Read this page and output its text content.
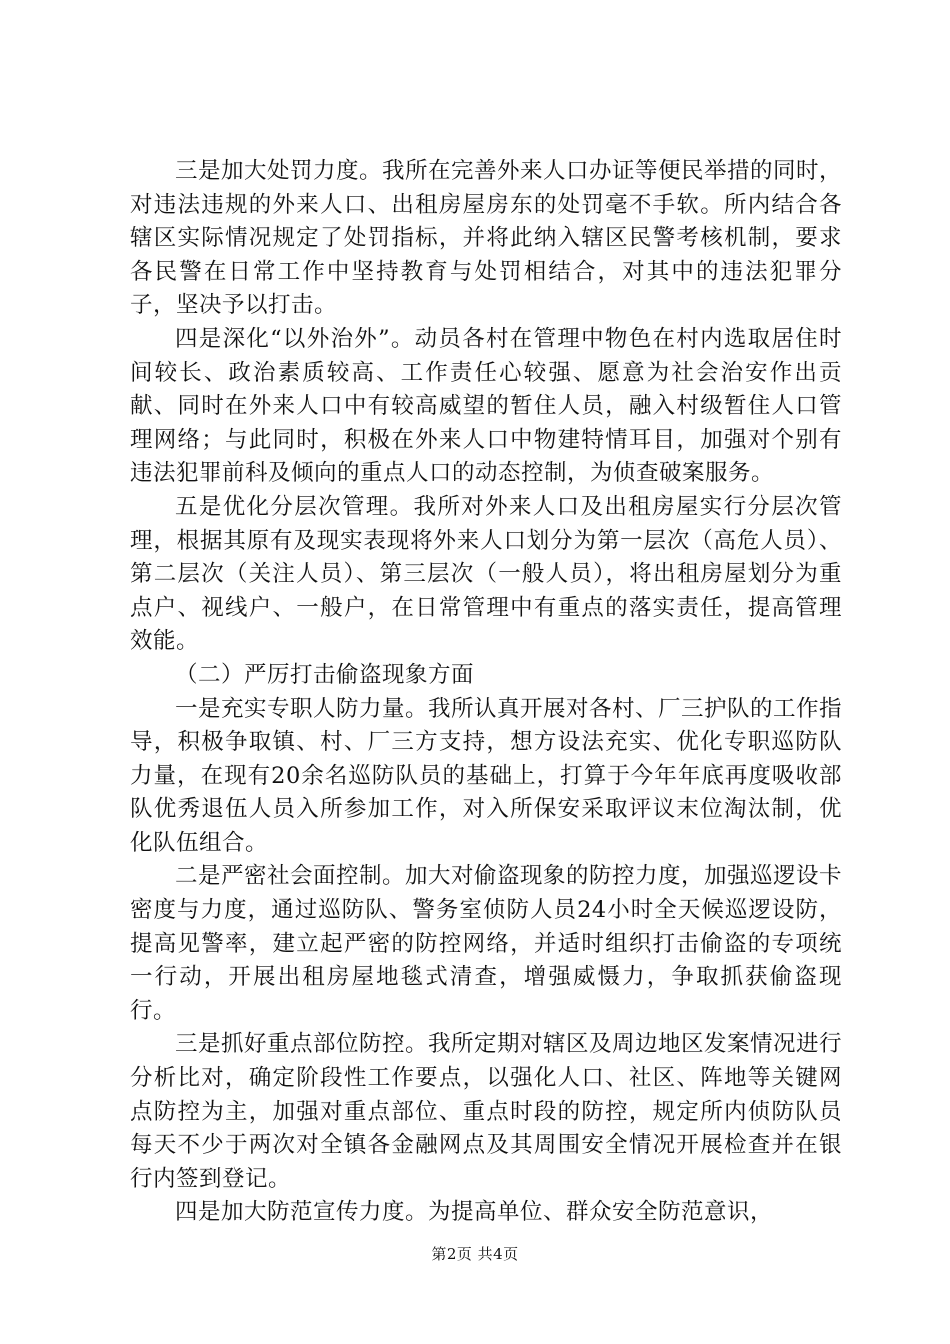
三是加大处罚力度。我所在完善外来人口办证等便民举措的同时，对违法违规的外来人口、出租房屋房东的处罚毫不手软。所内结合各辖区实际情况规定了处罚指标，并将此纳入辖区民警考核机制，要求各民警在日常工作中坚持教育与处罚相结合，对其中的违法犯罪分子，坚决予以打击。

四是深化“以外治外”。动员各村在管理中物色在村内选取居住时间较长、政治素质较高、工作责任心较强、愿意为社会治安作出贡献、同时在外来人口中有较高威望的暂住人员，融入村级暂住人口管理网络；与此同时，积极在外来人口中物建特情耳目，加强对个别有违法犯罪前科及倾向的重点人口的动态控制，为侦查破案服务。

五是优化分层次管理。我所对外来人口及出租房屋实行分层次管理，根据其原有及现实表现将外来人口划分为第一层次（高危人员）、第二层次（关注人员）、第三层次（一般人员），将出租房屋划分为重点户、视线户、一般户，在日常管理中有重点的落实责任，提高管理效能。

（二）严厉打击偷盗现象方面

一是充实专职人防力量。我所认真开展对各村、厂三护队的工作指导，积极争取镇、村、厂三方支持，想方设法充实、优化专职巡防队力量，在现有20余名巡防队员的基础上，打算于今年年底再度吸收部队优秀退伍人员入所参加工作，对入所保安采取评议末位淘汰制，优化队伍组合。

二是严密社会面控制。加大对偷盗现象的防控力度，加强巡逻设卡密度与力度，通过巡防队、警务室侦防人员24小时全天候巡逻设防，提高见警率，建立起严密的防控网络，并适时组织打击偷盗的专项统一行动，开展出租房屋地毯式清查，增强威慑力，争取抓获偷盗现行。

三是抓好重点部位防控。我所定期对辖区及周边地区发案情况进行分析比对，确定阶段性工作要点，以强化人口、社区、阵地等关键网点防控为主，加强对重点部位、重点时段的防控，规定所内侦防队员每天不少于两次对全镇各金融网点及其周围安全情况开展检查并在银行内签到登记。

四是加大防范宣传力度。为提高单位、群众安全防范意识，

第2页 共4页
